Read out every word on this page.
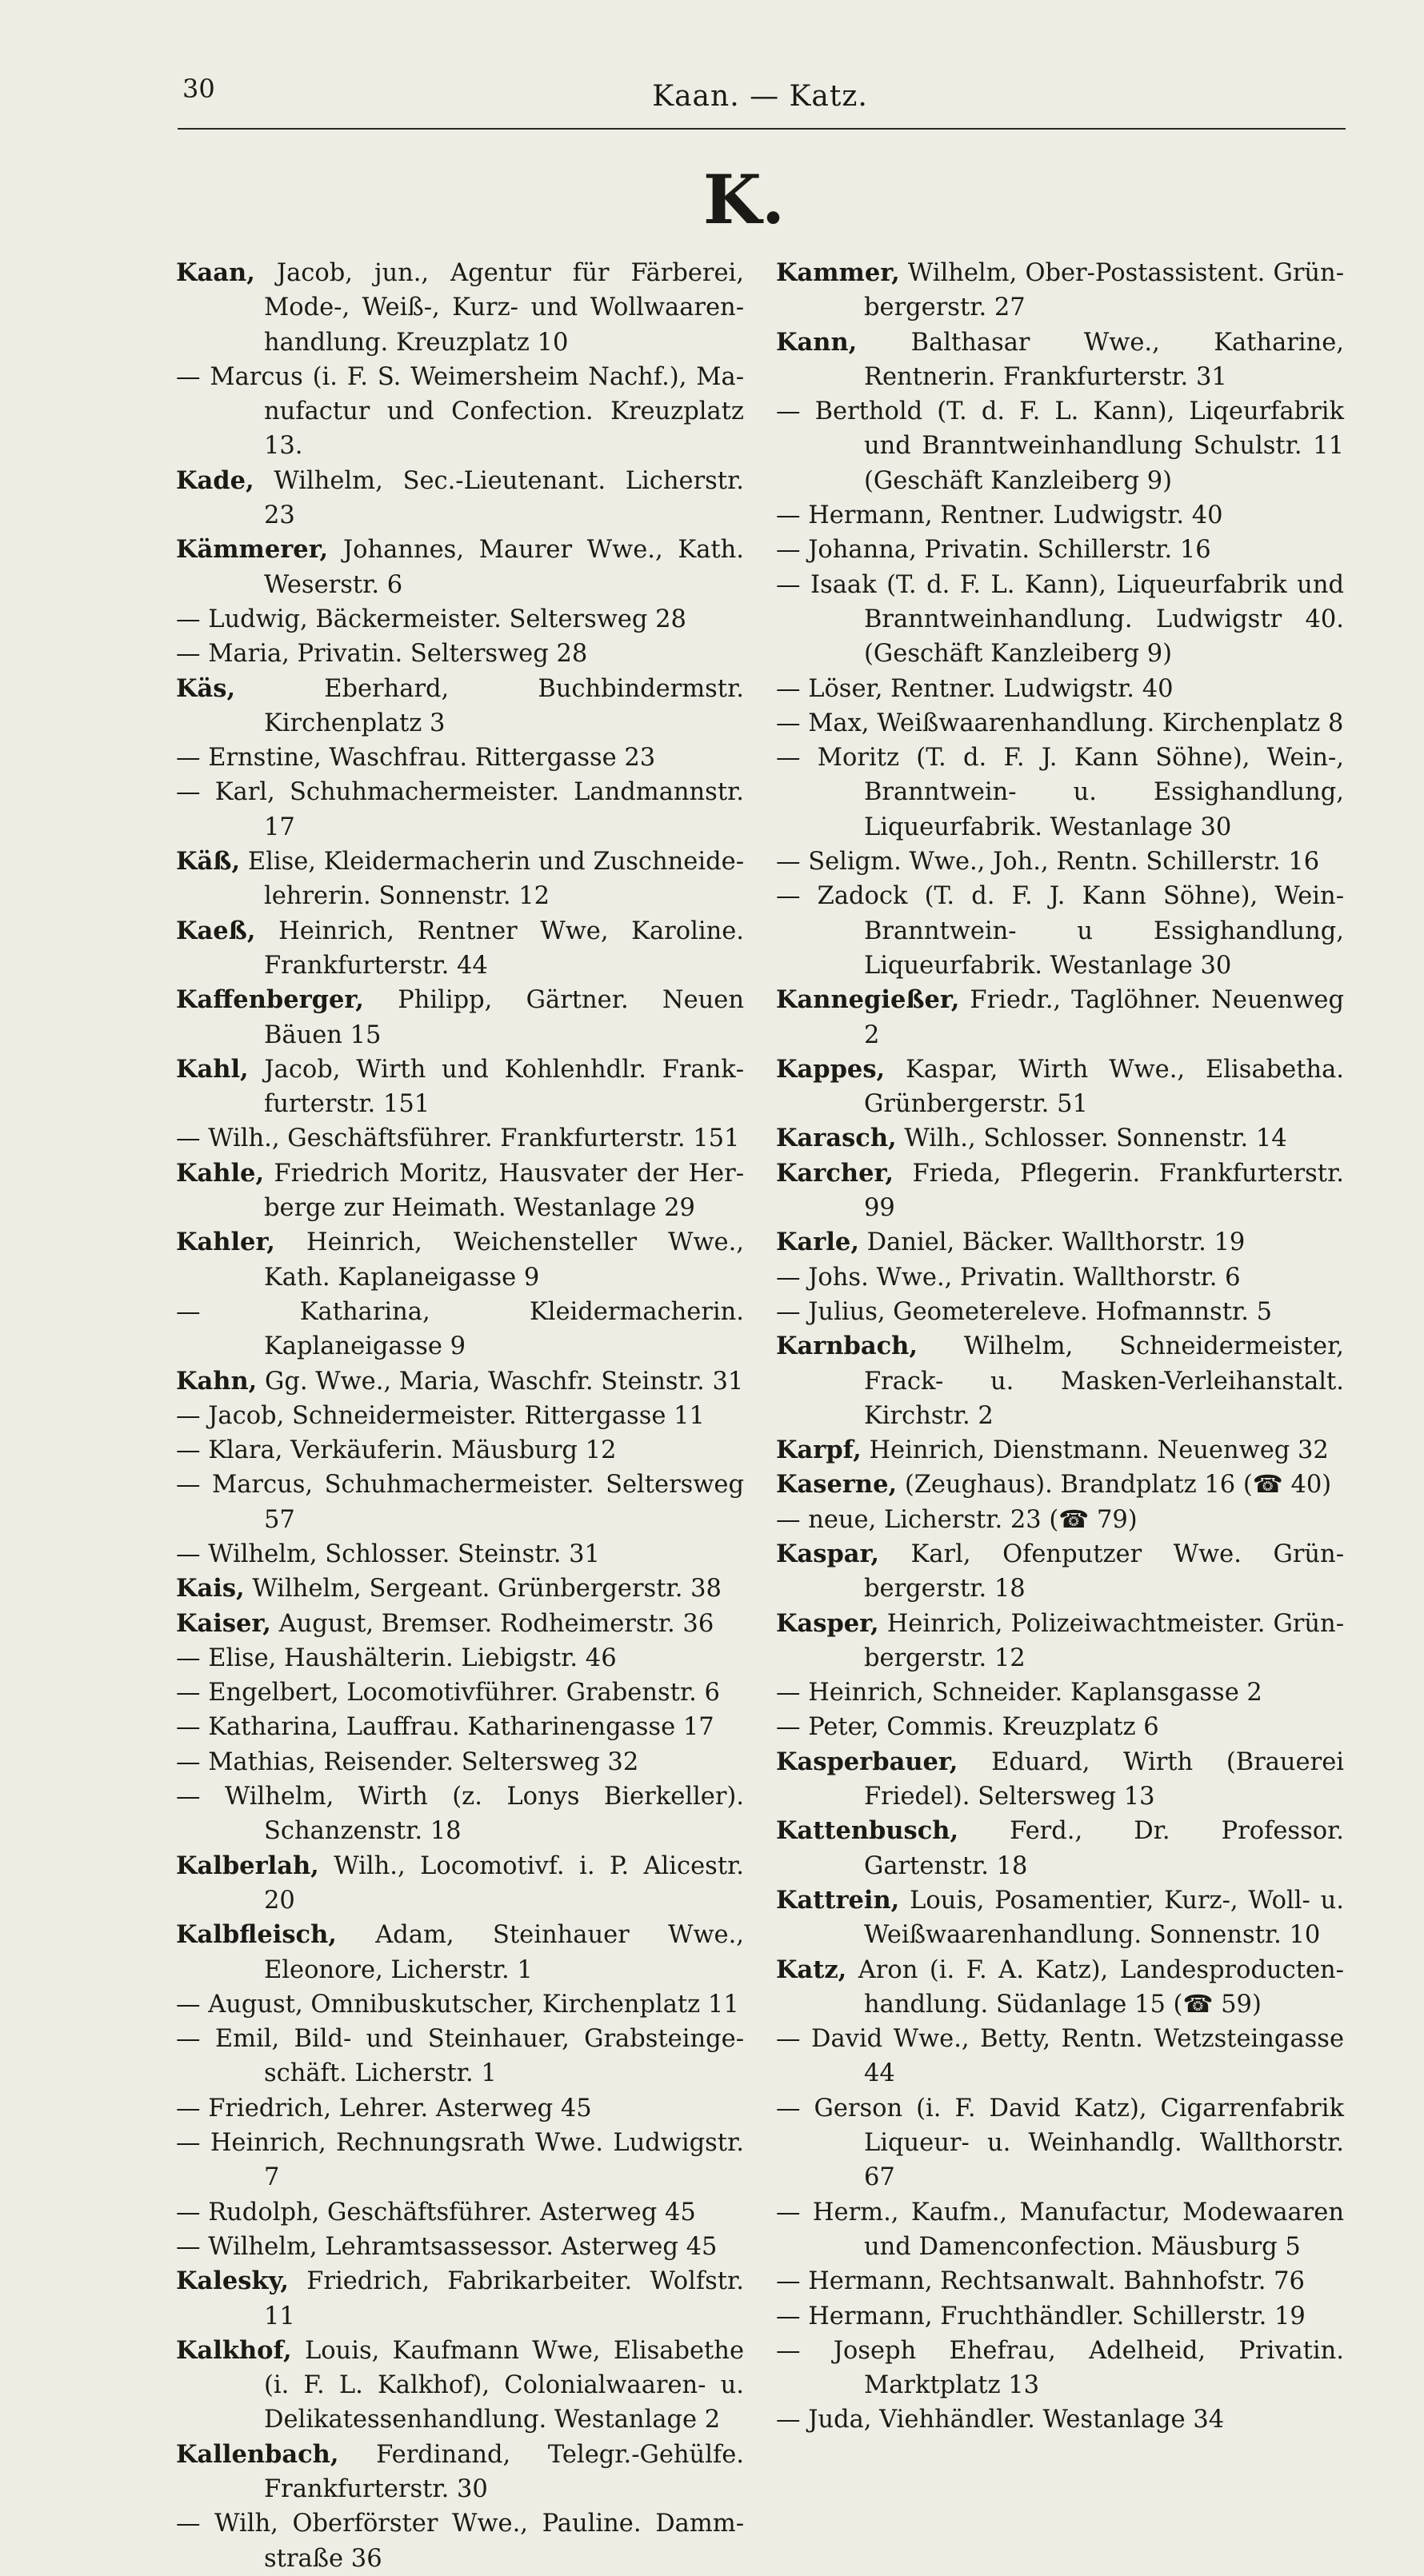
30	Kaan. — Katz.
K.
Kaan, Jacob, jun., Agentur für Färberei, Mode-, Weiß-, Kurz- und Wollwaarenhandlung. Kreuzplatz 10
— Marcus (i. F. S. Weimersheim Nachf.), Manufactur und Confection. Kreuzplatz 13.
Kade, Wilhelm, Sec.-Lieutenant. Licherstr. 23
Kämmerer, Johannes, Maurer Wwe., Kath. Weserstr. 6
— Ludwig, Bäckermeister. Seltersweg 28
— Maria, Privatin. Seltersweg 28
Käs,	Eberhard, Buchbindermstr. Kirchenplatz 3
— Ernstine, Waschfrau. Rittergasse 23
— Karl, Schuhmachermeister. Landmannstr. 17
Käß, Elise, Kleidermacherin und Zuschneidelehrerin. Sonnenstr. 12
Kaeß, Heinrich, Rentner Wwe, Karoline. Frankfurterstr. 44
Kaffenberger, Philipp, Gärtner. Neuen Bäuen 15
Kahl, Jacob, Wirth und Kohlenhdlr. Frankfurterstr. 151
— Wilh., Geschäftsführer. Frankfurterstr. 151
Kahle, Friedrich Moritz, Hausvater der Herberge zur Heimath. Westanlage 29
Kahler, Heinrich, Weichensteller Wwe., Kath. Kaplaneigasse 9
— Katharina, Kleidermacherin. Kaplaneigasse 9
Kahn, Gg. Wwe., Maria, Waschfr. Steinstr. 31
— Jacob, Schneidermeister. Rittergasse 11
— Klara, Verkäuferin. Mäusburg 12
— Marcus, Schuhmachermeister. Seltersweg 57
— Wilhelm, Schlosser. Steinstr. 31
Kais, Wilhelm, Sergeant. Grünbergerstr. 38
Kaiser, August, Bremser. Rodheimerstr. 36
— Elise, Haushälterin. Liebigstr. 46
— Engelbert, Locomotivführer. Grabenstr. 6
— Katharina, Lauffrau. Katharinengasse 17
— Mathias, Reisender. Seltersweg 32
— Wilhelm, Wirth (z. Lonys Bierkeller). Schanzenstr. 18
Kalberlah, Wilh., Locomotivf. i. P. Alicestr. 20
Kalbfleisch, Adam, Steinhauer Wwe., Eleonore, Licherstr. 1
— August, Omnibuskutscher, Kirchenplatz 11
— Emil, Bild- und Steinhauer, Grabsteingeschäft. Licherstr. 1
— Friedrich, Lehrer. Asterweg 45
— Heinrich, Rechnungsrath Wwe. Ludwigstr. 7
— Rudolph, Geschäftsführer. Asterweg 45
— Wilhelm, Lehramtsassessor. Asterweg 45
Kalesky, Friedrich, Fabrikarbeiter. Wolfstr. 11
Kalkhof, Louis, Kaufmann Wwe, Elisabethe (i. F. L. Kalkhof), Colonialwaaren- u. Delikatessenhandlung. Westanlage 2
Kallenbach, Ferdinand, Telegr.-Gehülfe. Frankfurterstr. 30
— Wilh, Oberförster Wwe., Pauline. Dammstraße 36
Kammer, Wilhelm, Ober-Postassistent. Grünbergerstr. 27
Kann, Balthasar Wwe., Katharine, Rentnerin. Frankfurterstr. 31
— Berthold (T. d. F. L. Kann), Liqeurfabrik und Branntweinhandlung Schulstr. 11 (Geschäft Kanzleiberg 9)
— Hermann, Rentner. Ludwigstr. 40
— Johanna, Privatin. Schillerstr. 16
— Isaak (T. d. F. L. Kann), Liqueurfabrik und Branntweinhandlung. Ludwigstr 40. (Geschäft Kanzleiberg 9)
— Löser, Rentner. Ludwigstr. 40
— Max, Weißwaarenhandlung. Kirchenplatz 8
— Moritz (T. d. F. J. Kann Söhne), Wein-, Branntwein- u. Essighandlung, Liqueurfabrik. Westanlage 30
— Seligm. Wwe., Joh., Rentn. Schillerstr. 16
— Zadock (T. d. F. J. Kann Söhne), Wein- Branntwein- u Essighandlung, Liqueurfabrik. Westanlage 30
Kannegießer, Friedr., Taglöhner. Neuenweg 2
Kappes, Kaspar, Wirth Wwe., Elisabetha. Grünbergerstr. 51
Karasch, Wilh., Schlosser. Sonnenstr. 14
Karcher, Frieda, Pflegerin. Frankfurterstr. 99
Karle, Daniel, Bäcker. Wallthorstr. 19
— Johs. Wwe., Privatin. Wallthorstr. 6
— Julius, Geometereleve. Hofmannstr. 5
Karnbach, Wilhelm, Schneidermeister, Frack- u. Masken-Verleihanstalt. Kirchstr. 2
Karpf, Heinrich, Dienstmann. Neuenweg 32
Kaserne, (Zeughaus). Brandplatz 16 (☎ 40)
— neue, Licherstr. 23 (☎ 79)
Kaspar, Karl, Ofenputzer Wwe. Grünbergerstr. 18
Kasper, Heinrich, Polizeiwachtmeister. Grünbergerstr. 12
— Heinrich, Schneider. Kaplansgasse 2
— Peter, Commis. Kreuzplatz 6
Kasperbauer, Eduard, Wirth (Brauerei Friedel). Seltersweg 13
Kattenbusch, Ferd., Dr. Professor. Gartenstr. 18
Kattrein, Louis, Posamentier, Kurz-, Woll- u. Weißwaarenhandlung. Sonnenstr. 10
Katz, Aron (i. F. A. Katz), Landesproductenhandlung. Südanlage 15 (☎ 59)
— David Wwe., Betty, Rentn. Wetzsteingasse 44
— Gerson (i. F. David Katz), Cigarrenfabrik Liqueur- u. Weinhandlg. Wallthorstr. 67
— Herm., Kaufm., Manufactur, Modewaaren und Damenconfection. Mäusburg 5
— Hermann, Rechtsanwalt. Bahnhofstr. 76
— Hermann, Fruchthändler. Schillerstr. 19
— Joseph Ehefrau, Adelheid, Privatin. Marktplatz 13
— Juda, Viehhändler. Westanlage 34
